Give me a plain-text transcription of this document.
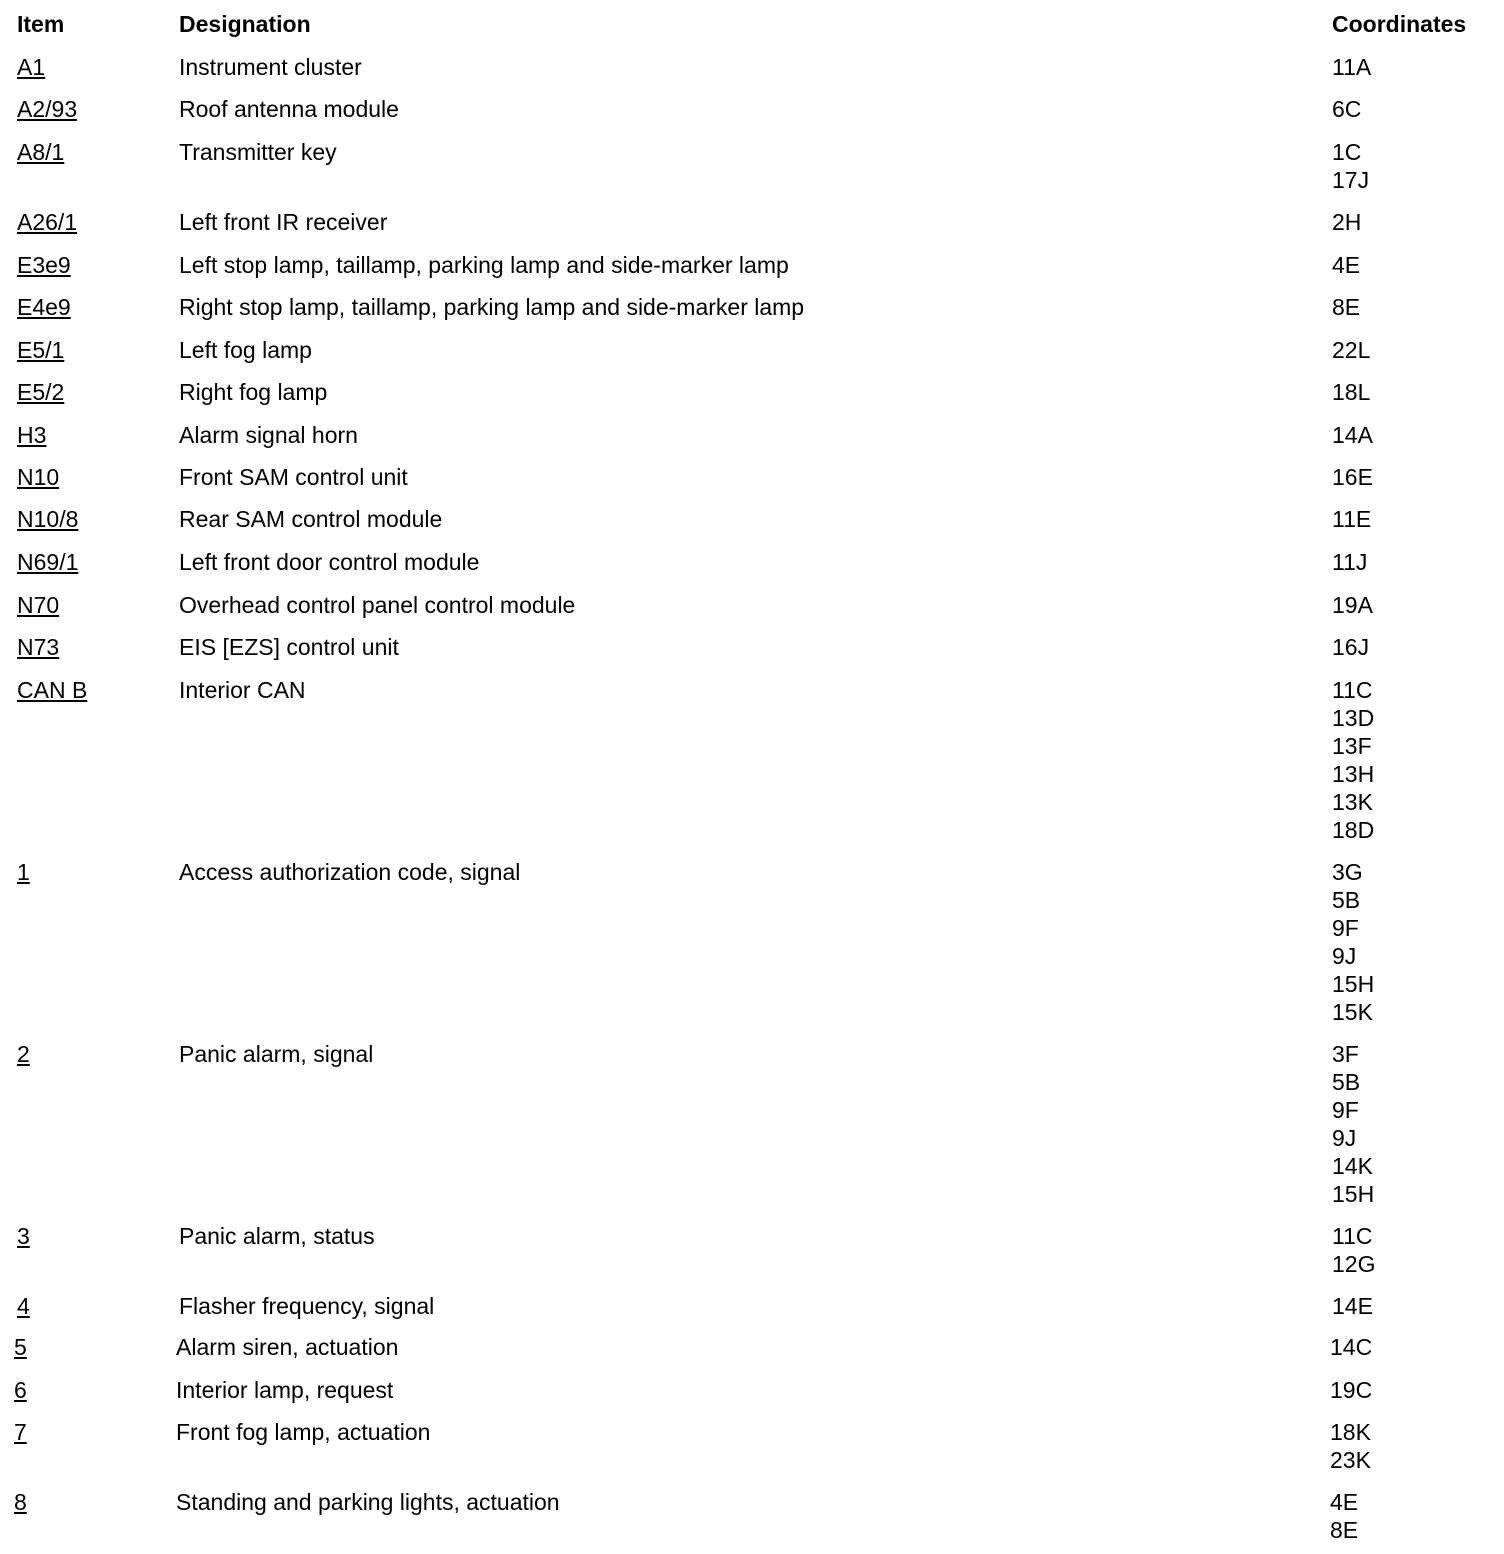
Item	Designation	Coordinates
A1	Instrument cluster	11A
A2/93	Roof antenna module	6C
A8/1	Transmitter key	1C
17J
A26/1	Left front IR receiver	2H
E3e9	Left stop lamp, taillamp, parking lamp and side-marker lamp	4E
E4e9	Right stop lamp, taillamp, parking lamp and side-marker lamp	8E
E5/1	Left fog lamp	22L
E5/2	Right fog lamp	18L
H3	Alarm signal horn	14A
N10	Front SAM control unit	16E
N10/8	Rear SAM control module	11E
N69/1	Left front door control module	11J
N70	Overhead control panel control module	19A
N73	EIS [EZS] control unit	16J
CAN B	Interior CAN	11C
13D
13F
13H
13K
18D
1	Access authorization code, signal	3G
5B
9F
9J
15H
15K
2	Panic alarm, signal	3F
5B
9F
9J
14K
15H
3	Panic alarm, status	11C
12G
4	Flasher frequency, signal	14E
5	Alarm siren, actuation	14C
6	Interior lamp, request	19C
7	Front fog lamp, actuation	18K
23K
8	Standing and parking lights, actuation	4E
8E
